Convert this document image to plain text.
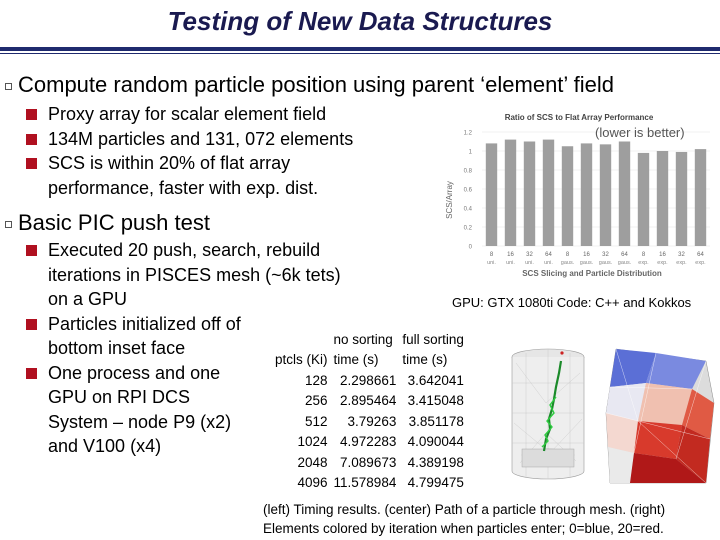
Testing of New Data Structures
Compute random particle position using parent ‘element’ field
Proxy array for scalar element field
134M particles and 131, 072 elements
SCS is within 20% of flat array
performance, faster with exp. dist.
Basic PIC push test
Executed 20 push, search, rebuild
iterations in PISCES mesh (~6k tets)
on a GPU
Particles initialized off of
bottom inset face
One process and one
GPU on RPI DCS
System – node P9 (x2)
and V100 (x4)
Ratio of SCS to Flat Array Performance
SCS Slicing and Particle Distribution
SCS/Array
0
0.2
0.4
0.6
0.8
1
1.2
8
uni.
16
uni.
32
uni.
64
uni.
8
gaus.
16
gaus.
32
gaus.
64
gaus.
8
exp.
16
exp.
32
exp.
64
exp.
(lower is better)
GPU: GTX 1080ti Code: C++ and Kokkos
	no sorting	full sorting
ptcls (Ki)	time (s)	time (s)
128	2.298661	3.642041
256	2.895464	3.415048
512	3.79263	3.851178
1024	4.972283	4.090044
2048	7.089673	4.389198
4096	11.578984	4.799475
(left) Timing results. (center) Path of a particle through mesh. (right)
Elements colored by iteration when particles enter; 0=blue, 20=red.
